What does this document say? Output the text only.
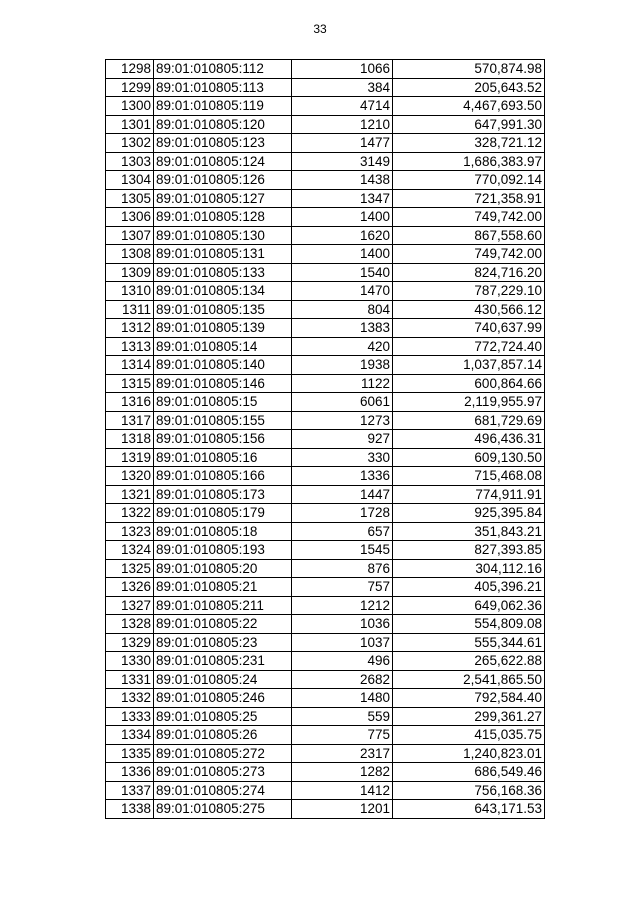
33
1298	89:01:010805:112	1066	570,874.98
1299	89:01:010805:113	384	205,643.52
1300	89:01:010805:119	4714	4,467,693.50
1301	89:01:010805:120	1210	647,991.30
1302	89:01:010805:123	1477	328,721.12
1303	89:01:010805:124	3149	1,686,383.97
1304	89:01:010805:126	1438	770,092.14
1305	89:01:010805:127	1347	721,358.91
1306	89:01:010805:128	1400	749,742.00
1307	89:01:010805:130	1620	867,558.60
1308	89:01:010805:131	1400	749,742.00
1309	89:01:010805:133	1540	824,716.20
1310	89:01:010805:134	1470	787,229.10
1311	89:01:010805:135	804	430,566.12
1312	89:01:010805:139	1383	740,637.99
1313	89:01:010805:14	420	772,724.40
1314	89:01:010805:140	1938	1,037,857.14
1315	89:01:010805:146	1122	600,864.66
1316	89:01:010805:15	6061	2,119,955.97
1317	89:01:010805:155	1273	681,729.69
1318	89:01:010805:156	927	496,436.31
1319	89:01:010805:16	330	609,130.50
1320	89:01:010805:166	1336	715,468.08
1321	89:01:010805:173	1447	774,911.91
1322	89:01:010805:179	1728	925,395.84
1323	89:01:010805:18	657	351,843.21
1324	89:01:010805:193	1545	827,393.85
1325	89:01:010805:20	876	304,112.16
1326	89:01:010805:21	757	405,396.21
1327	89:01:010805:211	1212	649,062.36
1328	89:01:010805:22	1036	554,809.08
1329	89:01:010805:23	1037	555,344.61
1330	89:01:010805:231	496	265,622.88
1331	89:01:010805:24	2682	2,541,865.50
1332	89:01:010805:246	1480	792,584.40
1333	89:01:010805:25	559	299,361.27
1334	89:01:010805:26	775	415,035.75
1335	89:01:010805:272	2317	1,240,823.01
1336	89:01:010805:273	1282	686,549.46
1337	89:01:010805:274	1412	756,168.36
1338	89:01:010805:275	1201	643,171.53
